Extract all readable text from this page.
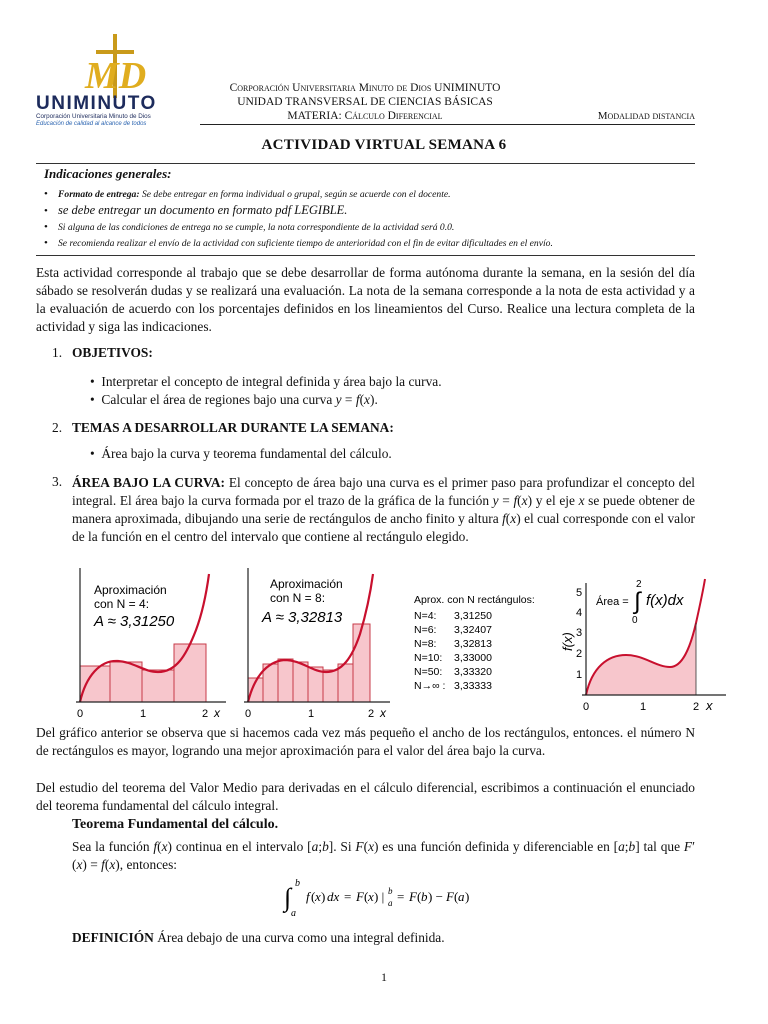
MD
UNIMINUTO
Corporación Universitaria Minuto de Dios
Educación de calidad al alcance de todos
Corporación Universitaria Minuto de Dios UNIMINUTO
UNIDAD TRANSVERSAL DE CIENCIAS BÁSICAS
MATERIA: Cálculo Diferencial	Modalidad distancia
ACTIVIDAD VIRTUAL SEMANA 6
Indicaciones generales:
• Formato de entrega: Se debe entregar en forma individual o grupal, según se acuerde con el docente.
• se debe entregar un documento en formato pdf LEGIBLE.
• Si alguna de las condiciones de entrega no se cumple, la nota correspondiente de la actividad será 0.0.
• Se recomienda realizar el envío de la actividad con suficiente tiempo de anterioridad con el fin de evitar dificultades en el envío.
Esta actividad corresponde al trabajo que se debe desarrollar de forma autónoma durante la semana, en la sesión del día sábado se resolverán dudas y se realizará una evaluación. La nota de la semana corresponde a la nota de esta actividad y a la evaluación de acuerdo con los porcentajes definidos en los lineamientos del Curso. Realice una lectura completa de la actividad y siga las indicaciones.
1. OBJETIVOS:
•  Interpretar el concepto de integral definida y área bajo la curva.
•  Calcular el área de regiones bajo una curva y = f(x).
2. TEMAS A DESARROLLAR DURANTE LA SEMANA:
•  Área bajo la curva y teorema fundamental del cálculo.
3. ÁREA BAJO LA CURVA: El concepto de área bajo una curva es el primer paso para profundizar el concepto del integral. El área bajo la curva formada por el trazo de la gráfica de la función y = f(x) y el eje x se puede obtener de manera aproximada, dibujando una serie de rectángulos de ancho finito y altura f(x) el cual corresponde con el valor de la función en el centro del intervalo que contiene al rectángulo elegido.
Aproximación
con N = 4:
A ≈ 3,31250
0	1	2 x
Aproximación
con N = 8:
A ≈ 3,32813
0	1	2 x
Aprox. con N rectángulos:
N=4: 3,31250
N=6: 3,32407
N=8: 3,32813
N=10: 3,33000
N=50: 3,33320
N→∞ : 3,33333
5
4
3
2
1
f(x)
Área = ∫
2
0
f(x)dx
0	1	2 x
Del gráfico anterior se observa que si hacemos cada vez más pequeño el ancho de los rectángulos, entonces. el número N de rectángulos es mayor, logrando una mejor aproximación para el valor del área bajo la curva.
Del estudio del teorema del Valor Medio para derivadas en el cálculo diferencial, escribimos a continuación el enunciado del teorema fundamental del cálculo integral.
Teorema Fundamental del cálculo.
Sea la función f(x) continua en el intervalo [a;b]. Si F(x) es una función definida y diferenciable en [a;b] tal que F′(x) = f(x), entonces:
∫ b
a
f ( x ) dx = F ( x ) | b
a = F ( b ) − F ( a )
DEFINICIÓN Área debajo de una curva como una integral definida.
1
